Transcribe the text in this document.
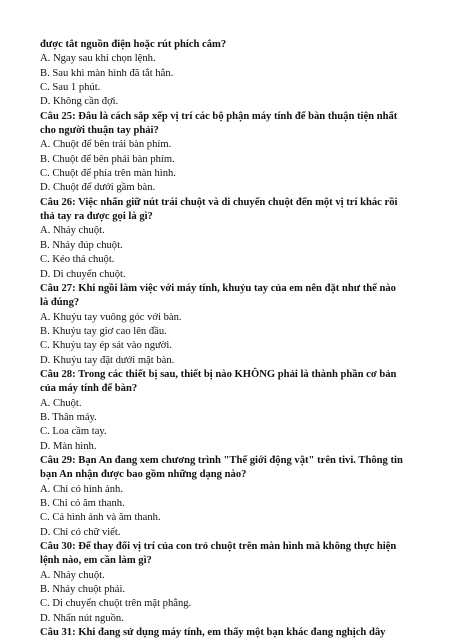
được tắt nguồn điện hoặc rút phích cắm?
A. Ngay sau khi chọn lệnh.
B. Sau khi màn hình đã tắt hẳn.
C. Sau 1 phút.
D. Không cần đợi.
Câu 25: Đâu là cách sắp xếp vị trí các bộ phận máy tính để bàn thuận tiện nhất
cho người thuận tay phải?
A. Chuột để bên trái bàn phím.
B. Chuột để bên phải bàn phím.
C. Chuột để phía trên màn hình.
D. Chuột để dưới gầm bàn.
Câu 26: Việc nhấn giữ nút trái chuột và di chuyển chuột đến một vị trí khác rồi
thả tay ra được gọi là gì?
A. Nháy chuột.
B. Nháy đúp chuột.
C. Kéo thả chuột.
D. Di chuyển chuột.
Câu 27: Khi ngồi làm việc với máy tính, khuỷu tay của em nên đặt như thế nào
là đúng?
A. Khuỷu tay vuông góc với bàn.
B. Khuỷu tay giơ cao lên đầu.
C. Khuỷu tay ép sát vào người.
D. Khuỷu tay đặt dưới mặt bàn.
Câu 28: Trong các thiết bị sau, thiết bị nào KHÔNG phải là thành phần cơ bản
của máy tính để bàn?
A. Chuột.
B. Thân máy.
C. Loa cầm tay.
D. Màn hình.
Câu 29: Bạn An đang xem chương trình "Thế giới động vật" trên tivi. Thông tin
bạn An nhận được bao gồm những dạng nào?
A. Chỉ có hình ảnh.
B. Chỉ có âm thanh.
C. Cả hình ảnh và âm thanh.
D. Chỉ có chữ viết.
Câu 30: Để thay đổi vị trí của con trỏ chuột trên màn hình mà không thực hiện
lệnh nào, em cần làm gì?
A. Nháy chuột.
B. Nháy chuột phải.
C. Di chuyển chuột trên mặt phẳng.
D. Nhấn nút nguồn.
Câu 31: Khi đang sử dụng máy tính, em thấy một bạn khác đang nghịch dây
